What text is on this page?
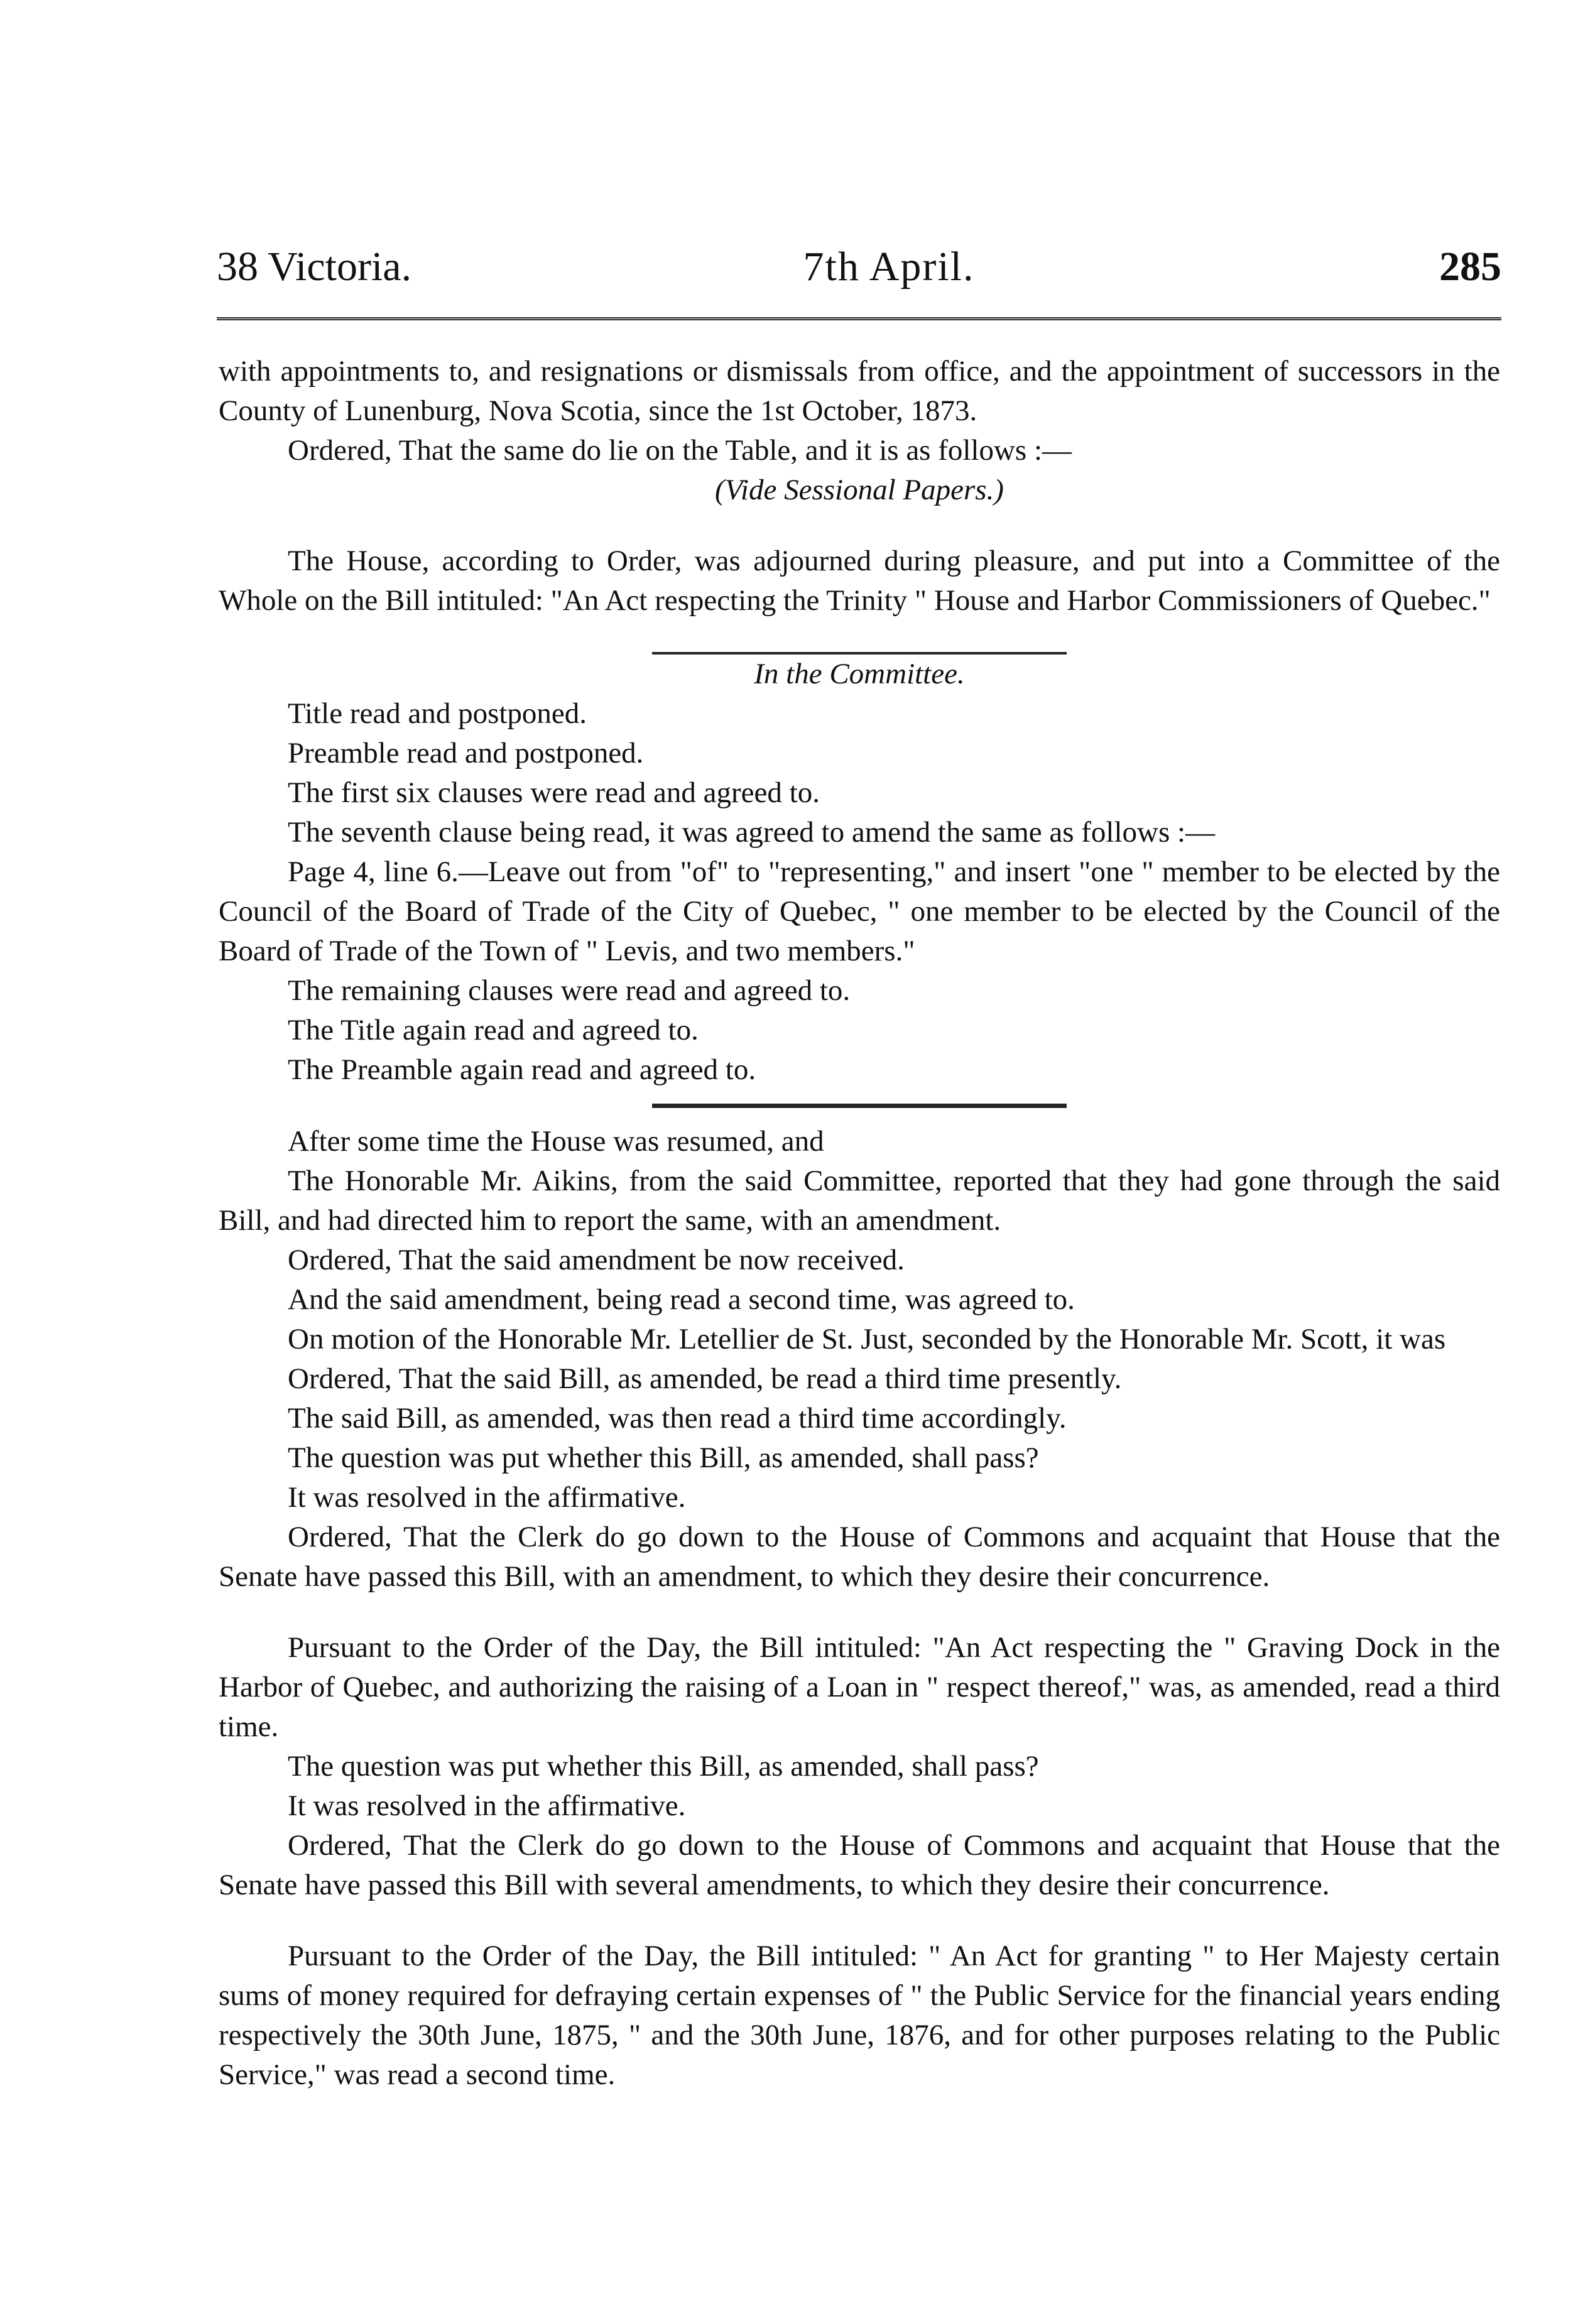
38 Victoria.	7th April.	285

with appointments to, and resignations or dismissals from office, and the appointment of successors in the County of Lunenburg, Nova Scotia, since the 1st October, 1873.

Ordered, That the same do lie on the Table, and it is as follows :—

(Vide Sessional Papers.)

The House, according to Order, was adjourned during pleasure, and put into a Committee of the Whole on the Bill intituled: "An Act respecting the Trinity " House and Harbor Commissioners of Quebec."

In the Committee.

Title read and postponed.

Preamble read and postponed.

The first six clauses were read and agreed to.

The seventh clause being read, it was agreed to amend the same as follows :—

Page 4, line 6.—Leave out from "of" to "representing," and insert "one " member to be elected by the Council of the Board of Trade of the City of Quebec, " one member to be elected by the Council of the Board of Trade of the Town of " Levis, and two members."

The remaining clauses were read and agreed to.

The Title again read and agreed to.

The Preamble again read and agreed to.

After some time the House was resumed, and

The Honorable Mr. Aikins, from the said Committee, reported that they had gone through the said Bill, and had directed him to report the same, with an amendment.

Ordered, That the said amendment be now received.

And the said amendment, being read a second time, was agreed to.

On motion of the Honorable Mr. Letellier de St. Just, seconded by the Honorable Mr. Scott, it was

Ordered, That the said Bill, as amended, be read a third time presently.

The said Bill, as amended, was then read a third time accordingly.

The question was put whether this Bill, as amended, shall pass?

It was resolved in the affirmative.

Ordered, That the Clerk do go down to the House of Commons and acquaint that House that the Senate have passed this Bill, with an amendment, to which they desire their concurrence.

Pursuant to the Order of the Day, the Bill intituled: "An Act respecting the " Graving Dock in the Harbor of Quebec, and authorizing the raising of a Loan in " respect thereof," was, as amended, read a third time.

The question was put whether this Bill, as amended, shall pass?

It was resolved in the affirmative.

Ordered, That the Clerk do go down to the House of Commons and acquaint that House that the Senate have passed this Bill with several amendments, to which they desire their concurrence.

Pursuant to the Order of the Day, the Bill intituled: " An Act for granting " to Her Majesty certain sums of money required for defraying certain expenses of " the Public Service for the financial years ending respectively the 30th June, 1875, " and the 30th June, 1876, and for other purposes relating to the Public Service," was read a second time.
